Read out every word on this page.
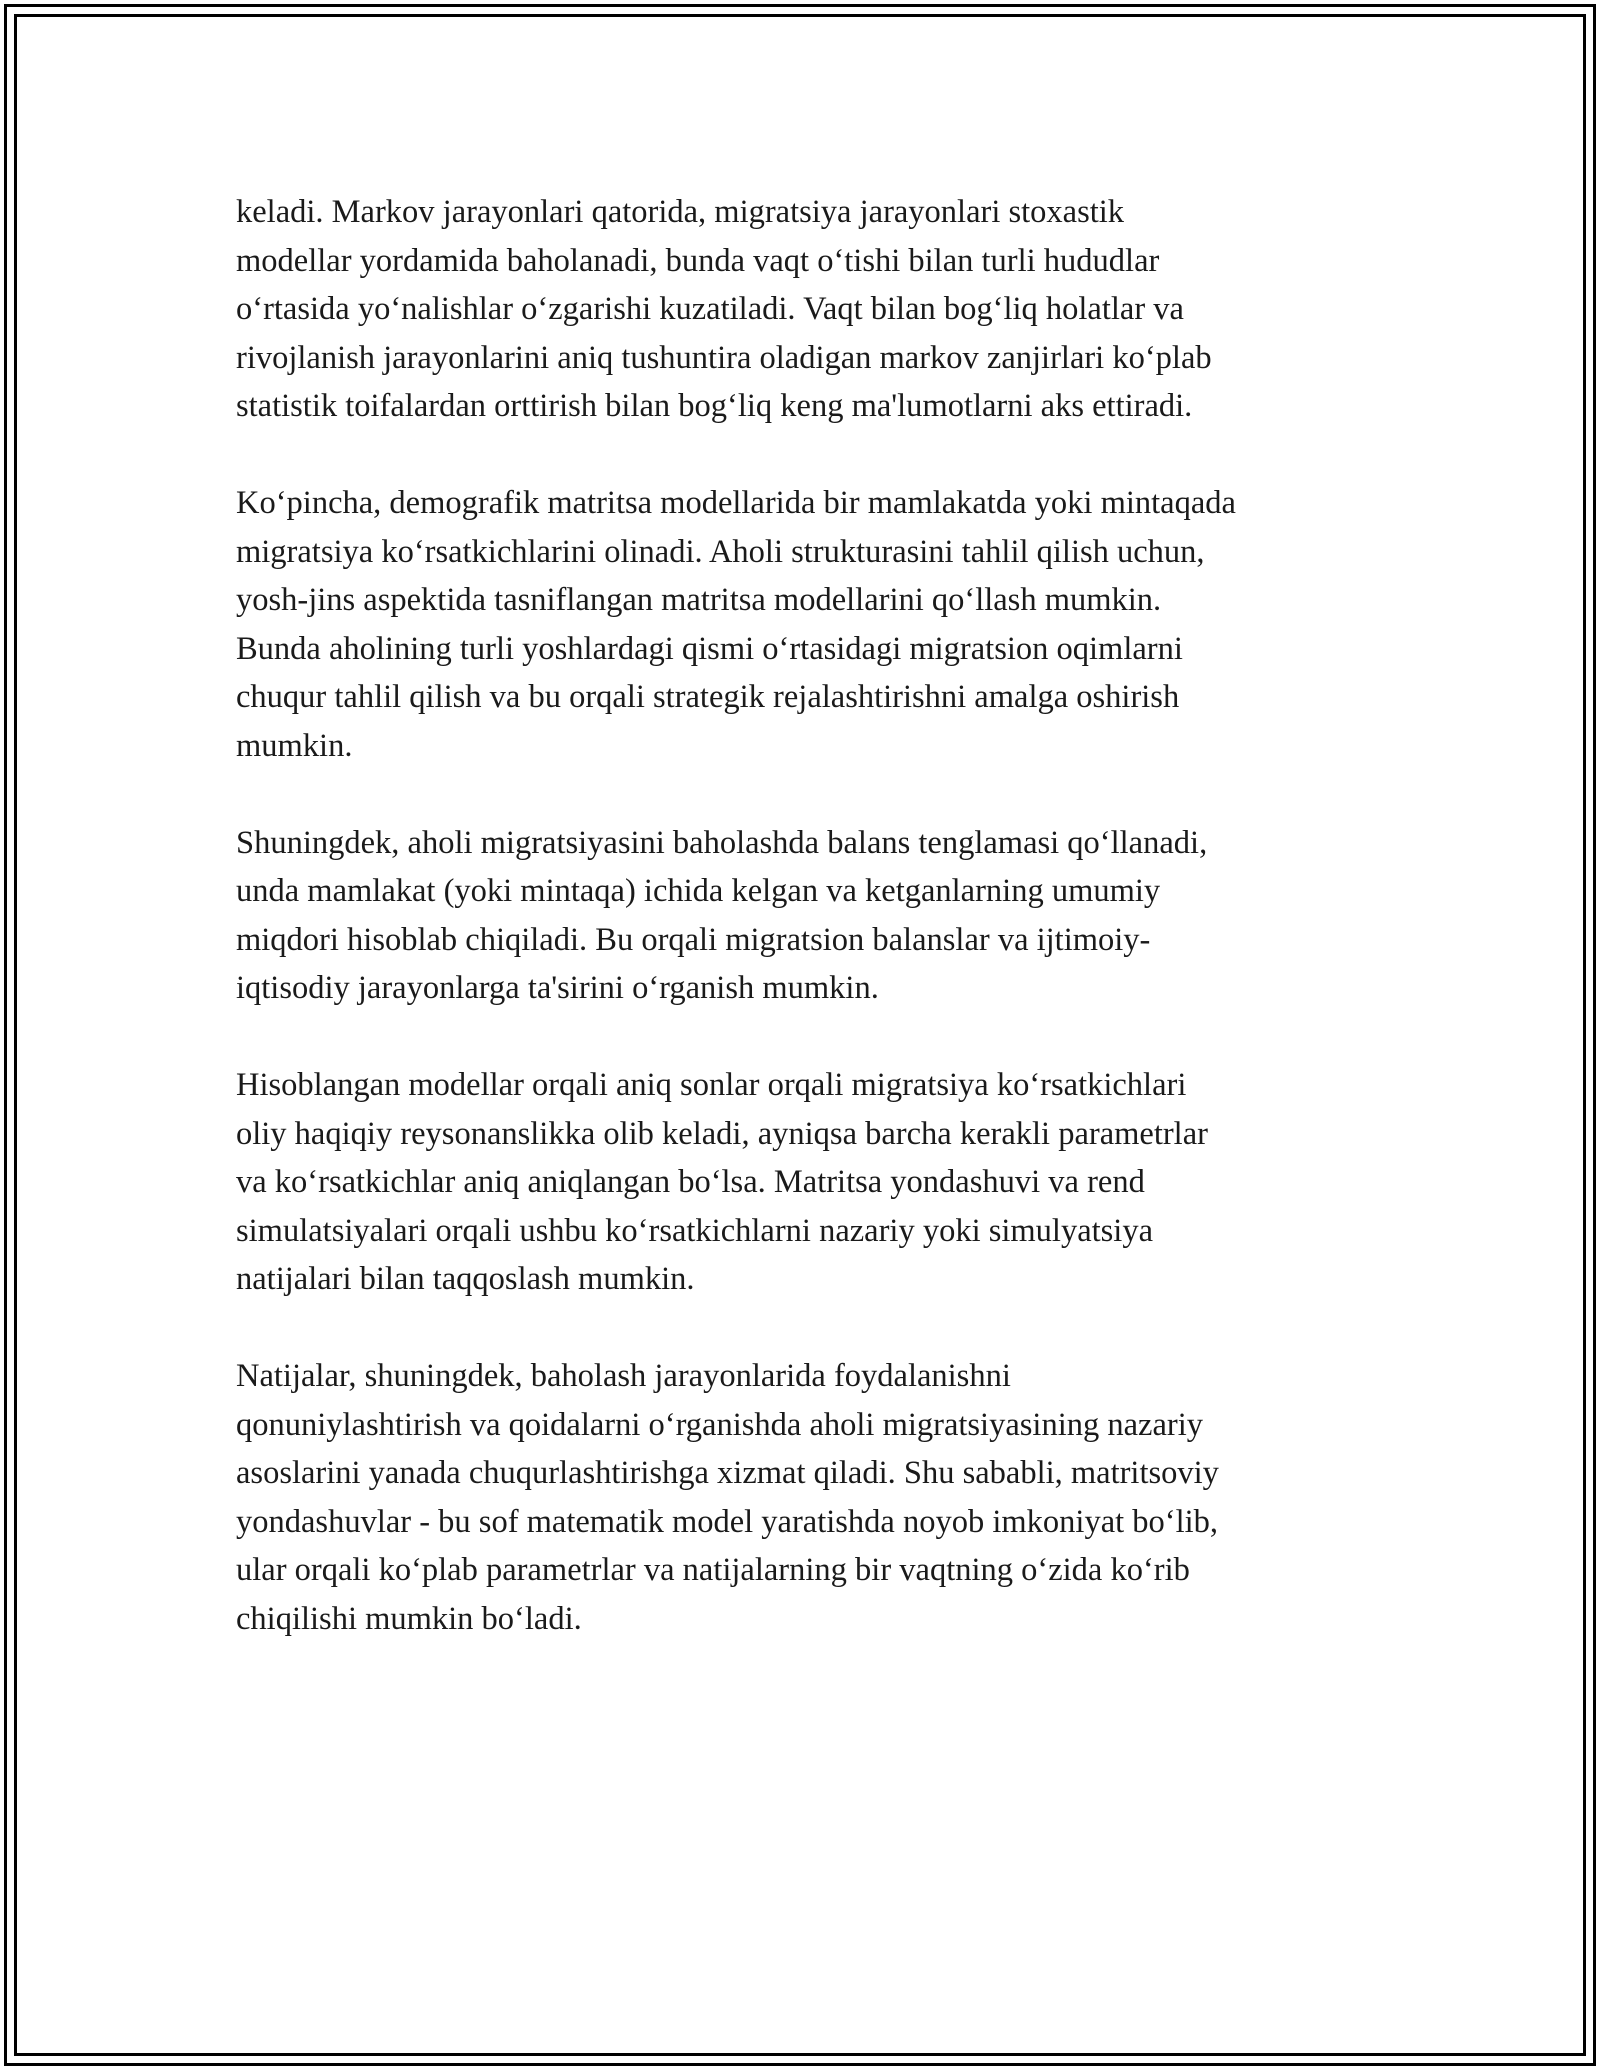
keladi. Markov jarayonlari qatorida, migratsiya jarayonlari stoxastik
modellar yordamida baholanadi, bunda vaqt o‘tishi bilan turli hududlar
o‘rtasida yo‘nalishlar o‘zgarishi kuzatiladi. Vaqt bilan bog‘liq holatlar va
rivojlanish jarayonlarini aniq tushuntira oladigan markov zanjirlari ko‘plab
statistik toifalardan orttirish bilan bog‘liq keng ma'lumotlarni aks ettiradi.

Ko‘pincha, demografik matritsa modellarida bir mamlakatda yoki mintaqada
migratsiya ko‘rsatkichlarini olinadi. Aholi strukturasini tahlil qilish uchun,
yosh-jins aspektida tasniflangan matritsa modellarini qo‘llash mumkin.
Bunda aholining turli yoshlardagi qismi o‘rtasidagi migratsion oqimlarni
chuqur tahlil qilish va bu orqali strategik rejalashtirishni amalga oshirish
mumkin.

Shuningdek, aholi migratsiyasini baholashda balans tenglamasi qo‘llanadi,
unda mamlakat (yoki mintaqa) ichida kelgan va ketganlarning umumiy
miqdori hisoblab chiqiladi. Bu orqali migratsion balanslar va ijtimoiy-
iqtisodiy jarayonlarga ta'sirini o‘rganish mumkin.

Hisoblangan modellar orqali aniq sonlar orqali migratsiya ko‘rsatkichlari
oliy haqiqiy reysonanslikka olib keladi, ayniqsa barcha kerakli parametrlar
va ko‘rsatkichlar aniq aniqlangan bo‘lsa. Matritsa yondashuvi va rend
simulatsiyalari orqali ushbu ko‘rsatkichlarni nazariy yoki simulyatsiya
natijalari bilan taqqoslash mumkin.

Natijalar, shuningdek, baholash jarayonlarida foydalanishni
qonuniylashtirish va qoidalarni o‘rganishda aholi migratsiyasining nazariy
asoslarini yanada chuqurlashtirishga xizmat qiladi. Shu sababli, matritsoviy
yondashuvlar - bu sof matematik model yaratishda noyob imkoniyat bo‘lib,
ular orqali ko‘plab parametrlar va natijalarning bir vaqtning o‘zida ko‘rib
chiqilishi mumkin bo‘ladi.
